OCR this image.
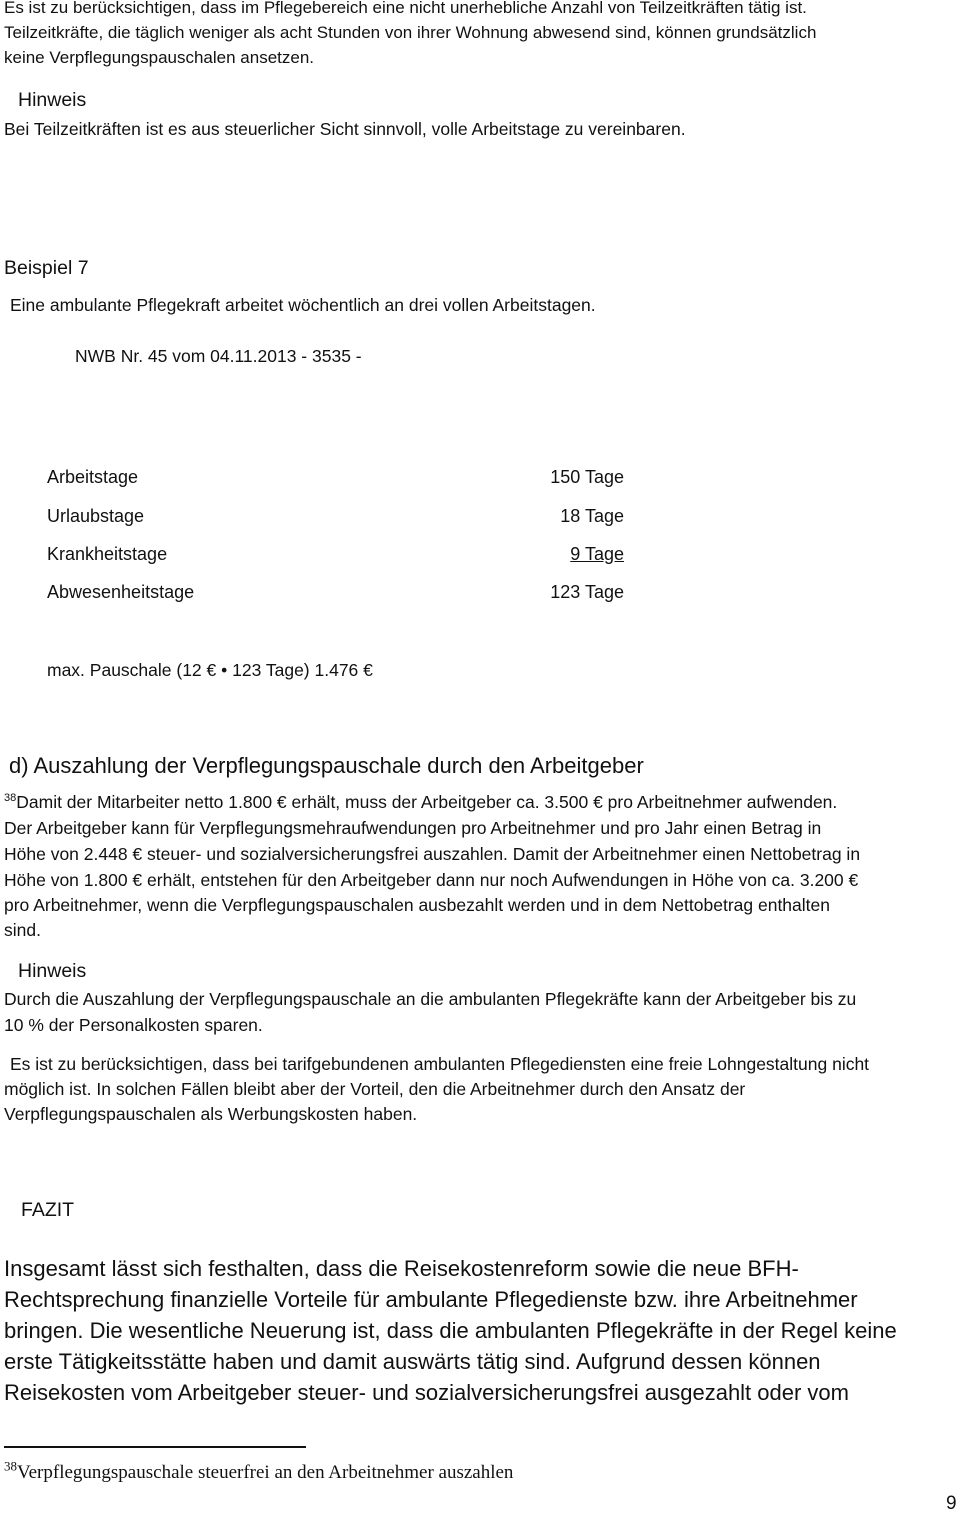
Es ist zu berücksichtigen, dass im Pflegebereich eine nicht unerhebliche Anzahl von Teilzeitkräften tätig ist.
Teilzeitkräfte, die täglich weniger als acht Stunden von ihrer Wohnung abwesend sind, können grundsätzlich
keine Verpflegungspauschalen ansetzen.
Hinweis
Bei Teilzeitkräften ist es aus steuerlicher Sicht sinnvoll, volle Arbeitstage zu vereinbaren.
Beispiel 7
Eine ambulante Pflegekraft arbeitet wöchentlich an drei vollen Arbeitstagen.
NWB Nr. 45 vom 04.11.2013 - 3535 -
Arbeitstage	150 Tage
Urlaubstage	18 Tage
Krankheitstage	9 Tage
Abwesenheitstage	123 Tage
max. Pauschale (12 € • 123 Tage) 1.476 €
d) Auszahlung der Verpflegungspauschale durch den Arbeitgeber
$^{38}$Damit der Mitarbeiter netto 1.800 € erhält, muss der Arbeitgeber ca. 3.500 € pro Arbeitnehmer aufwenden.
Der Arbeitgeber kann für Verpflegungsmehraufwendungen pro Arbeitnehmer und pro Jahr einen Betrag in
Höhe von 2.448 € steuer- und sozialversicherungsfrei auszahlen. Damit der Arbeitnehmer einen Nettobetrag in
Höhe von 1.800 € erhält, entstehen für den Arbeitgeber dann nur noch Aufwendungen in Höhe von ca. 3.200 €
pro Arbeitnehmer, wenn die Verpflegungspauschalen ausbezahlt werden und in dem Nettobetrag enthalten
sind.
Hinweis
Durch die Auszahlung der Verpflegungspauschale an die ambulanten Pflegekräfte kann der Arbeitgeber bis zu
10 % der Personalkosten sparen.
Es ist zu berücksichtigen, dass bei tarifgebundenen ambulanten Pflegediensten eine freie Lohngestaltung nicht
möglich ist. In solchen Fällen bleibt aber der Vorteil, den die Arbeitnehmer durch den Ansatz der
Verpflegungspauschalen als Werbungskosten haben.
FAZIT
Insgesamt lässt sich festhalten, dass die Reisekostenreform sowie die neue BFH-
Rechtsprechung finanzielle Vorteile für ambulante Pflegedienste bzw. ihre Arbeitnehmer
bringen. Die wesentliche Neuerung ist, dass die ambulanten Pflegekräfte in der Regel keine
erste Tätigkeitsstätte haben und damit auswärts tätig sind. Aufgrund dessen können
Reisekosten vom Arbeitgeber steuer- und sozialversicherungsfrei ausgezahlt oder vom
$^{38}$Verpflegungspauschale steuerfrei an den Arbeitnehmer auszahlen
9
